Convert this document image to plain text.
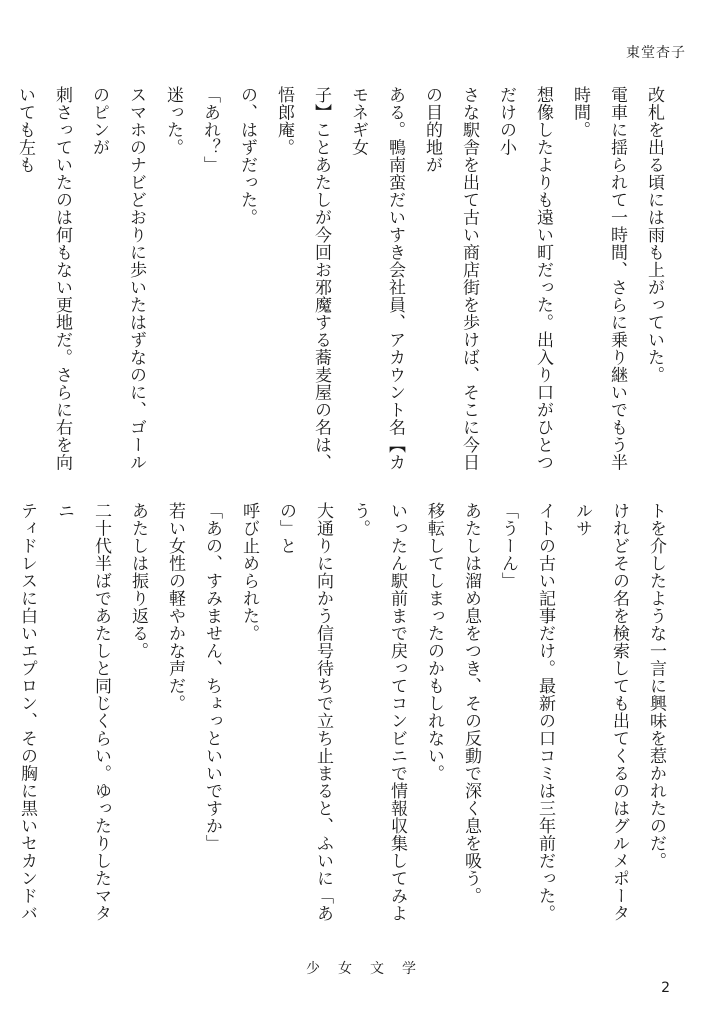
東堂杏子

改札を出る頃には雨も上がっていた。

電車に揺られて一時間、さらに乗り継いでもう半時間。

想像したよりも遠い町だった。出入り口がひとつだけの小

さな駅舎を出て古い商店街を歩けば、そこに今日の目的地が

ある。鴨南蛮だいすき会社員、アカウント名【カモネギ女

子】ことあたしが今回お邪魔する蕎麦屋の名は、悟郎庵。

の、はずだった。

「あれ？」

迷った。

スマホのナビどおりに歩いたはずなのに、ゴールのピンが

刺さっていたのは何もない更地だ。さらに右を向いても左も

トを介したような一言に興味を惹かれたのだ。

けれどその名を検索しても出てくるのはグルメポータルサ

イトの古い記事だけ。最新の口コミは三年前だった。

「うーん」

あたしは溜め息をつき、その反動で深く息を吸う。

移転してしまったのかもしれない。

いったん駅前まで戻ってコンビニで情報収集してみよう。

大通りに向かう信号待ちで立ち止まると、ふいに「あの」と

呼び止められた。

「あの、すみません、ちょっといいですか」

若い女性の軽やかな声だ。

あたしは振り返る。

二十代半ばであたしと同じくらい。ゆったりしたマタニ

ティドレスに白いエプロン、その胸に黒いセカンドバ

少女文学
2
